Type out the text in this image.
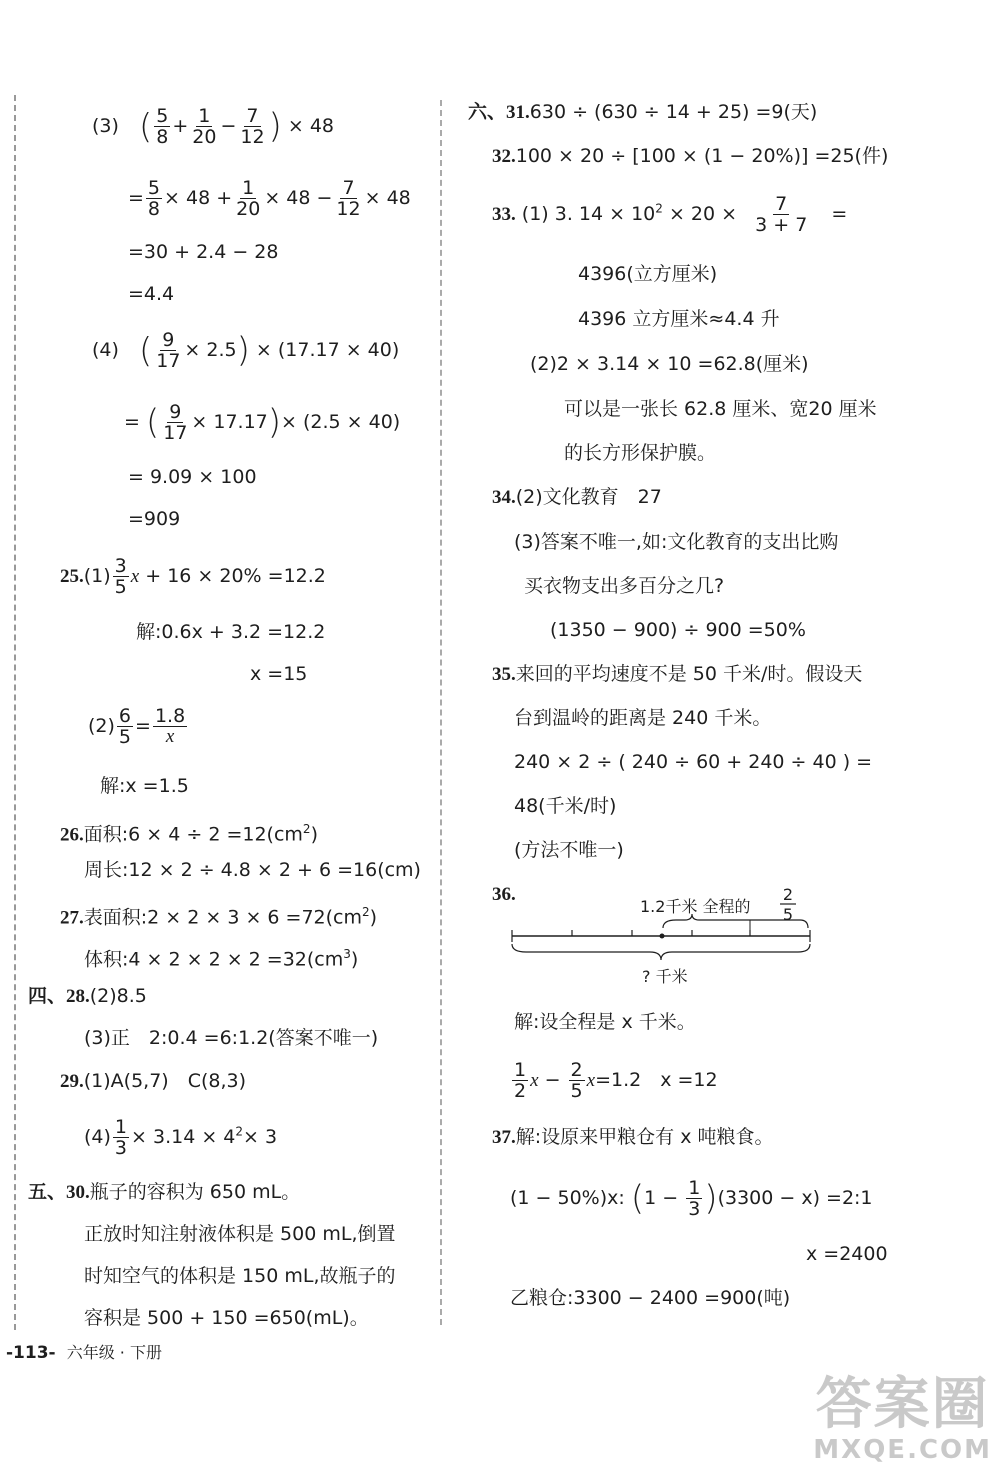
(3) ( $\frac{5}{8} + \frac{1}{20} - \frac{7}{12}$ ) × 48
= $\frac{5}{8} \times 48 + \frac{1}{20} \times 48 - \frac{7}{12} \times 48$
=30 + 2.4 − 28
=4.4
(4) ( $\frac{9}{17} \times 2.5) \times (17.17 \times 40)$
= ( $\frac{9}{17} \times 17.17)\times (2.5 \times 40)$
= 9.09 × 100
=909
$25.(1) \frac{3}{5}$ x + 16 × 20% =12.2
解:0.6x + 3.2 =12.2
x =15
$(2) \frac{6}{5} = \frac{1.8}{x}$
解:x =1.5
26.面积:6 × $4 \div 2 =12(cm^2)$
周长:12 × 2 ÷ 4.8 × 2 + 6 =16(cm)
27.表面积:2 × $2 \times 3 \times 6 =72(cm^2)$
体积:4 × $2 \times 2 \times 2 =32(cm^3)$
四、28.(2)8.5
(3)正　2:0.4 =6:1.2(答案不唯一)
29.(1)A(5,7)　C(8,3)
$(4) \frac{1}{3} \times 3.14 \times 4^2\times 3$
五、30.瓶子的容积为 650 mL。
正放时知注射液体积是 500 mL,倒置
时知空气的体积是 150 mL,故瓶子的
容积是 500 + 150 =650(mL)。
六、31.630 ÷ (630 ÷ 14 + 25) =9(天)
32.100 × 20 ÷ [100 × (1 − 20%)] =25(件)
33. (1) 3. $14 \times 10^2 \times 20 \times \frac{7}{3 + 7}$ =
4396(立方厘米)
4396 立方厘米≈4.4 升
(2)2 × 3.14 × 10 =62.8(厘米)
可以是一张长 62.8 厘米、宽20 厘米
的长方形保护膜。
34.(2)文化教育　27
(3)答案不唯一,如:文化教育的支出比购
买衣物支出多百分之几?
(1350 − 900) ÷ 900 =50%
35.来回的平均速度不是 50 千米/时。假设天
台到温岭的距离是 240 千米。
240 × 2 ÷ ( 240 ÷ 60 + 240 ÷ 40 ) =
48(千米/时)
(方法不唯一)
36.
1.2千米 全程的
2
5
? 千米
解:设全程是 x 千米。
$\frac{1}{2}$ $x - \frac{2}{5} x=1.2$　x =12
37.解:设原来甲粮仓有 x 吨粮食。
(1 − 50%)x: $(1 - \frac{1}{3} )(3300 - x)$ =2:1
x =2400
乙粮仓:3300 − 2400 =900(吨)
-113- 六年级 · 下册
答案圈
MXQE.COM
